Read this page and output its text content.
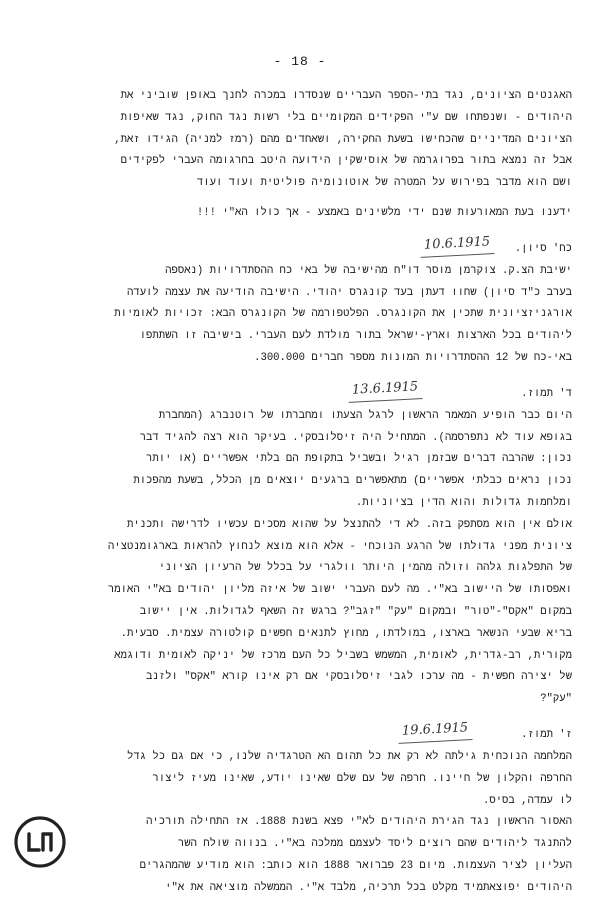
- 18 -
האגנטים הציונים, נגד בתי-הספר העבריים שנסדרו במכרה לחנך באופן שוביני את
היהודים - ושנפתחו שם ע"י הפקידים המקומיים בלי רשות נגד החוק, נגד שאיפות
הציונים המדיניים שהכחישו בשעת החקירה, ושאחדים מהם (רמז למניה) הגידו זאת,
אבל זה נמצא בתור בפרוגרמה של אוסישקין הידועה היטב בחרגומה העברי לפקידים
ושם הוא מדבר בפירוש על המטרה של אוטונומיה פוליטית ועוד ועוד
ידענו בעת המאורעות שנם ידי מלשינים באמצע - אך כולו הא"י !!!
כח' סיון.
10.6.1915
ישיבת הצ.ק. צוקרמן מוסר דו"ח מהישיבה של באי כח ההסתדרויות (נאספה
בערב כ"ד סיון) שחוו דעתן בעד קונגרס יהודי. הישיבה הודיעה את עצמה לועדה
אורגניזציונית שתכין את הקונגרס. הפלטפורמה של הקונגרס הבא: זכויות לאומיות
ליהודים בכל הארצות וארץ-ישראל בתור מולדת לעם העברי. בישיבה זו השתתפו
באי-כח של 12 ההסתדרויות המונות מספר חברים 300.000.
ד' תמוז.
13.6.1915
היום כבר הופיע המאמר הראשון לרגל הצעתו ומחברתו של רוטנברג (המחברת
בגופא עוד לא נתפרסמה). המתחיל היה זיסלובסקי. בעיקר הוא רצה להגיד דבר
נכון: שהרבה דברים שבזמן רגיל ובשביל בתקופת הם בלתי אפשריים (או יותר
נכון נראים כבלתי אפשריים) מתאפשרים ברגעים יוצאים מן הכלל, בשעת מהפכות
ומלחמות גדולות והוא הדין בציוניות.
אולם אין הוא מסתפק בזה. לא די להתנצל על שהוא מסכים עכשיו לדרישה ותכנית
ציונית מפני גדולתו של הרגע הנוכחי - אלא הוא מוצא לנחוץ להראות בארגומנטציה
של התפלגות גלהה וזולה מהמין היותר וולגרי על בכלל של הרעיון הציוני
ואפסותו של היישוב בא"י. מה לעם העברי ישוב של איזה מליון יהודים בא"י האומר
במקום "אקס"-"טור" ובמקום "עק" "זגב"? ברגש זה השאף לגדולות. אין יישוב
בריא שבעי הנשאר בארצו, במולדתו, מחוץ לתנאים חפשים קולטורה עצמית. סבעית.
מקורית, רב-גדרית, לאומית, המשמש בשביל כל העם מרכז של יניקה לאומית ודוגמא
של יצירה חפשית - מה ערכו לגבי זיסלובסקי אם רק אינו קורא "אקס" ולזנב
"עק"?
ז' תמוז.
19.6.1915
המלחמה הנוכחית גילתה לא רק את כל תהום הא הטרגדיה שלנו, כי אם גם כל גדל
החרפה והקלון של חיינו. חרפה של עם שלם שאינו יודע, שאינו מעיז ליצור
לו עמדה, בסיס.
האסור הראשון נגד הגירת היהודים לא"י פצא בשנת 1888. אז התחילה תורכיה
להתנגד ליהודים שהם רוצים ליסד לעצמם ממלכה בא"י. בנווה שולח השר
העליון לציר העצמות. מיום 23 פברואר 1888 הוא כותב: הוא מודיע שהמהגרים
היהודים יפוצאתמיד מקלט בכל תרכיה, מלבד א"י. הממשלה מוציאה את א"י
